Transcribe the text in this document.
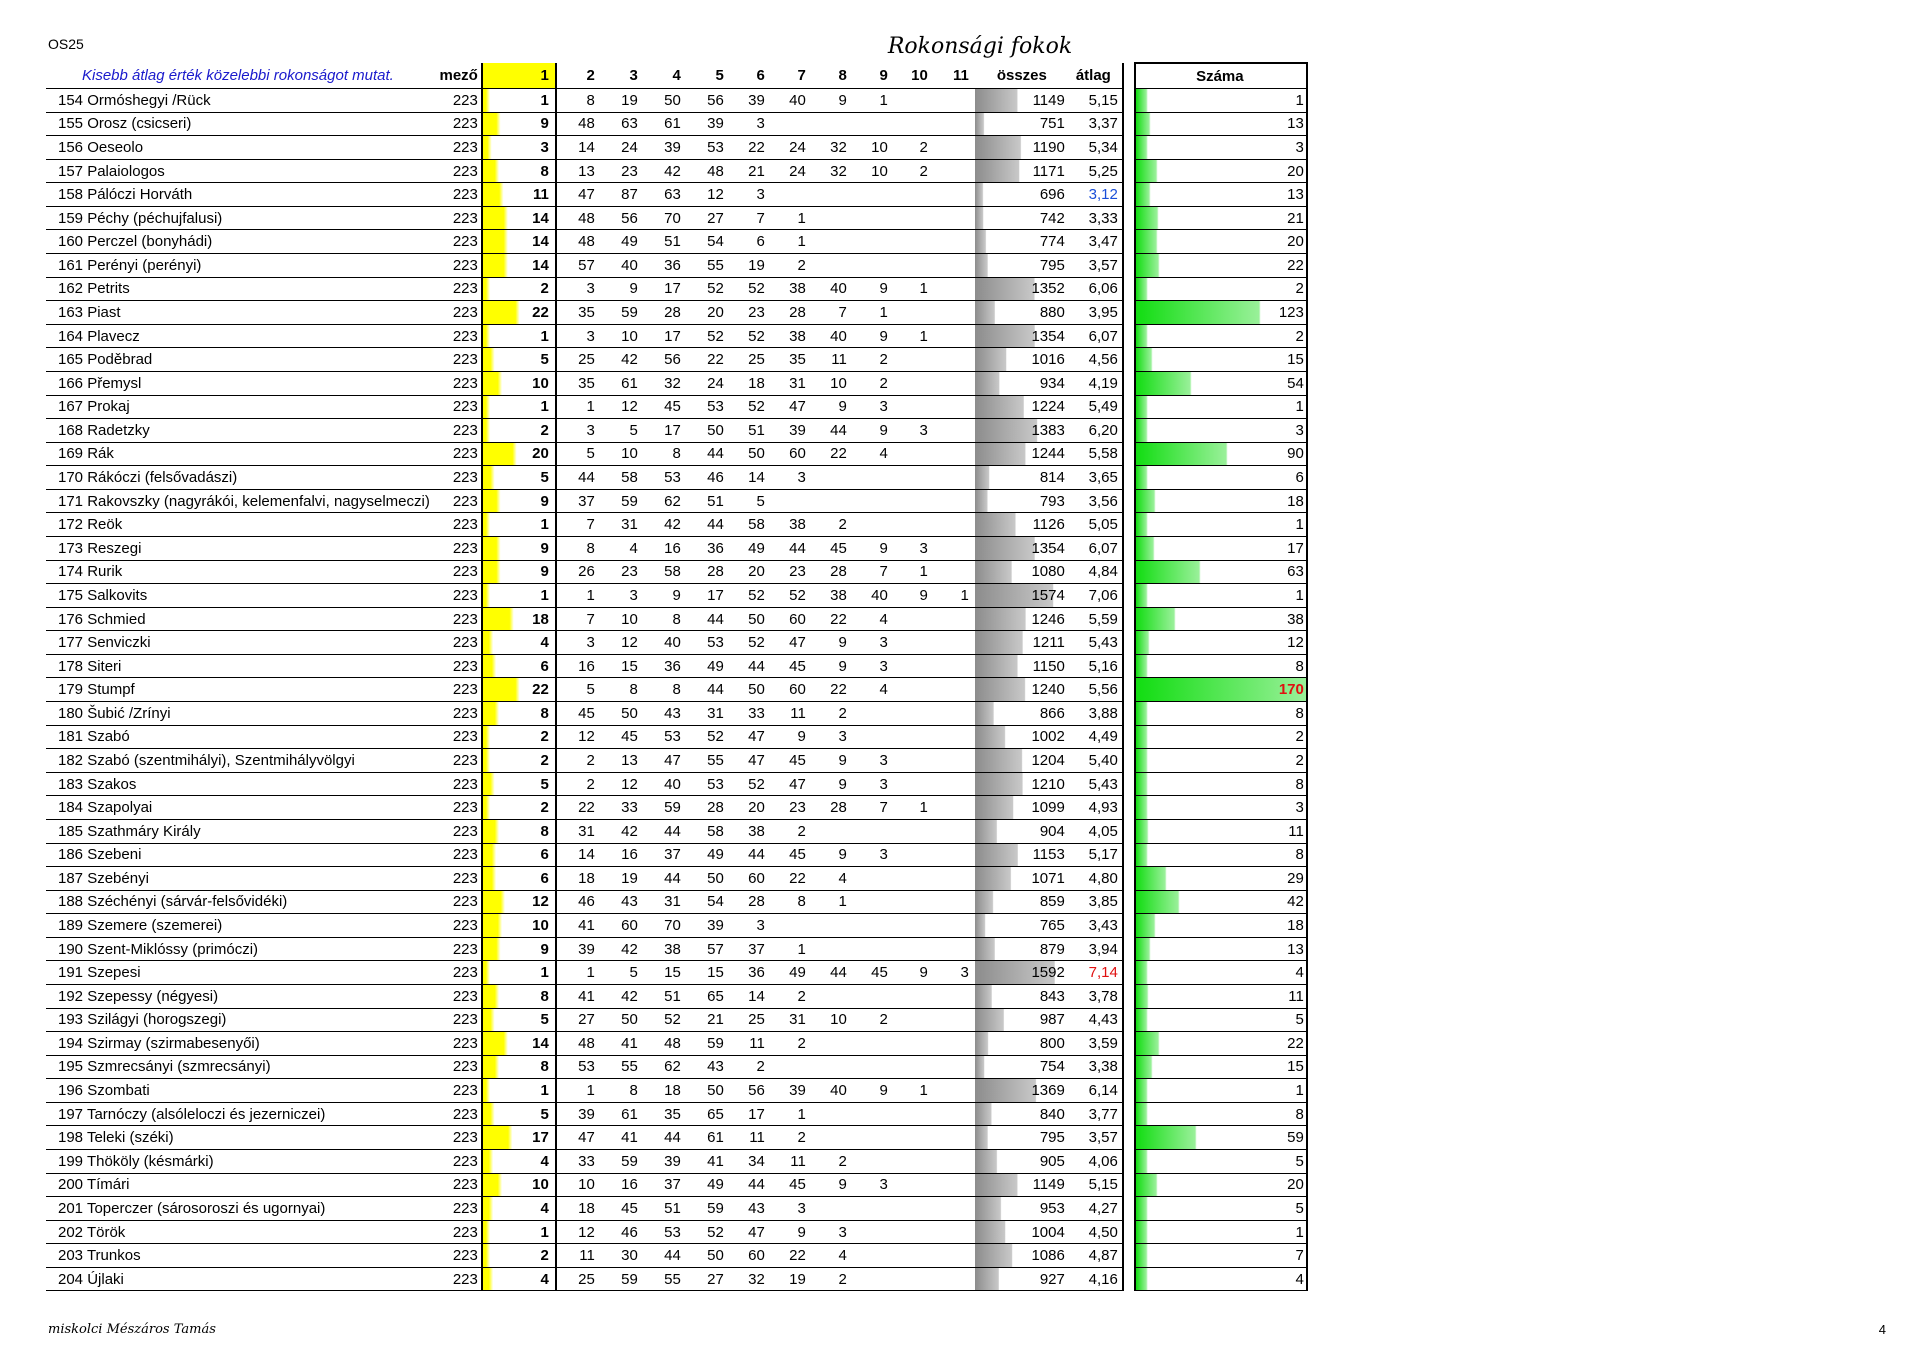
OS25	Rokonsági fokok
Kisebb átlag érték közelebbi rokonságot mutat.	mező	1	2	3	4	5	6	7	8	9	10	11	összes	átlag		Száma
154 Ormóshegyi /Rück	223	1	8	19	50	56	39	40	9	1			1149	5,15		1
155 Orosz (csicseri)	223	9	48	63	61	39	3						751	3,37		13
156 Oeseolo	223	3	14	24	39	53	22	24	32	10	2		1190	5,34		3
157 Palaiologos	223	8	13	23	42	48	21	24	32	10	2		1171	5,25		20
158 Pálóczi Horváth	223	11	47	87	63	12	3						696	3,12		13
159 Péchy (péchujfalusi)	223	14	48	56	70	27	7	1					742	3,33		21
160 Perczel (bonyhádi)	223	14	48	49	51	54	6	1					774	3,47		20
161 Perényi (perényi)	223	14	57	40	36	55	19	2					795	3,57		22
162 Petrits	223	2	3	9	17	52	52	38	40	9	1		1352	6,06		2
163 Piast	223	22	35	59	28	20	23	28	7	1			880	3,95		123
164 Plavecz	223	1	3	10	17	52	52	38	40	9	1		1354	6,07		2
165 Poděbrad	223	5	25	42	56	22	25	35	11	2			1016	4,56		15
166 Přemysl	223	10	35	61	32	24	18	31	10	2			934	4,19		54
167 Prokaj	223	1	1	12	45	53	52	47	9	3			1224	5,49		1
168 Radetzky	223	2	3	5	17	50	51	39	44	9	3		1383	6,20		3
169 Rák	223	20	5	10	8	44	50	60	22	4			1244	5,58		90
170 Rákóczi (felsővadászi)	223	5	44	58	53	46	14	3					814	3,65		6
171 Rakovszky (nagyrákói, kelemenfalvi, nagyselmeczi)	223	9	37	59	62	51	5						793	3,56		18
172 Reök	223	1	7	31	42	44	58	38	2				1126	5,05		1
173 Reszegi	223	9	8	4	16	36	49	44	45	9	3		1354	6,07		17
174 Rurik	223	9	26	23	58	28	20	23	28	7	1		1080	4,84		63
175 Salkovits	223	1	1	3	9	17	52	52	38	40	9	1	1574	7,06		1
176 Schmied	223	18	7	10	8	44	50	60	22	4			1246	5,59		38
177 Senviczki	223	4	3	12	40	53	52	47	9	3			1211	5,43		12
178 Siteri	223	6	16	15	36	49	44	45	9	3			1150	5,16		8
179 Stumpf	223	22	5	8	8	44	50	60	22	4			1240	5,56		170
180 Šubić /Zrínyi	223	8	45	50	43	31	33	11	2				866	3,88		8
181 Szabó	223	2	12	45	53	52	47	9	3				1002	4,49		2
182 Szabó (szentmihályi), Szentmihályvölgyi	223	2	2	13	47	55	47	45	9	3			1204	5,40		2
183 Szakos	223	5	2	12	40	53	52	47	9	3			1210	5,43		8
184 Szapolyai	223	2	22	33	59	28	20	23	28	7	1		1099	4,93		3
185 Szathmáry Király	223	8	31	42	44	58	38	2					904	4,05		11
186 Szebeni	223	6	14	16	37	49	44	45	9	3			1153	5,17		8
187 Szebényi	223	6	18	19	44	50	60	22	4				1071	4,80		29
188 Széchényi (sárvár-felsővidéki)	223	12	46	43	31	54	28	8	1				859	3,85		42
189 Szemere (szemerei)	223	10	41	60	70	39	3						765	3,43		18
190 Szent-Miklóssy (primóczi)	223	9	39	42	38	57	37	1					879	3,94		13
191 Szepesi	223	1	1	5	15	15	36	49	44	45	9	3	1592	7,14		4
192 Szepessy (négyesi)	223	8	41	42	51	65	14	2					843	3,78		11
193 Szilágyi (horogszegi)	223	5	27	50	52	21	25	31	10	2			987	4,43		5
194 Szirmay (szirmabesenyői)	223	14	48	41	48	59	11	2					800	3,59		22
195 Szmrecsányi (szmrecsányi)	223	8	53	55	62	43	2						754	3,38		15
196 Szombati	223	1	1	8	18	50	56	39	40	9	1		1369	6,14		1
197 Tarnóczy (alsóleloczi és jezerniczei)	223	5	39	61	35	65	17	1					840	3,77		8
198 Teleki (széki)	223	17	47	41	44	61	11	2					795	3,57		59
199 Thököly (késmárki)	223	4	33	59	39	41	34	11	2				905	4,06		5
200 Tímári	223	10	10	16	37	49	44	45	9	3			1149	5,15		20
201 Toperczer (sárosoroszi és ugornyai)	223	4	18	45	51	59	43	3					953	4,27		5
202 Török	223	1	12	46	53	52	47	9	3				1004	4,50		1
203 Trunkos	223	2	11	30	44	50	60	22	4				1086	4,87		7
204 Újlaki	223	4	25	59	55	27	32	19	2				927	4,16		4
miskolci Mészáros Tamás	4
